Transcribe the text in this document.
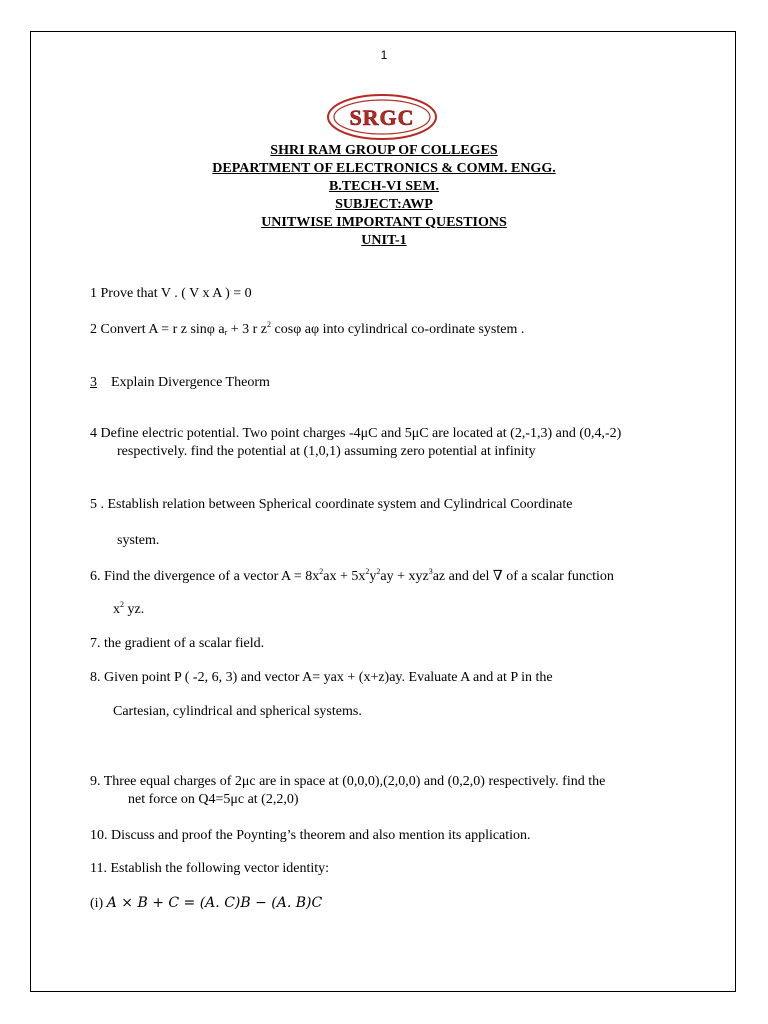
1
SRGC
SHRI RAM GROUP OF COLLEGES
DEPARTMENT OF ELECTRONICS & COMM. ENGG.
B.TECH-VI SEM.
SUBJECT:AWP
UNITWISE IMPORTANT QUESTIONS
UNIT-1
1 Prove that V . ( V x A ) = 0
2 Convert A = r z sinφ $a_r + 3$ r $z^2$ cosφ aφ into cylindrical co-ordinate system .
3    Explain Divergence Theorm
4 Define electric potential. Two point charges -4μC and 5μC are located at (2,-1,3) and (0,4,-2)
respectively. find the potential at (1,0,1) assuming zero potential at infinity
5 . Establish relation between Spherical coordinate system and Cylindrical Coordinate
system.
6. Find the divergence of a vector $A = 8x^2ax + 5x^2y^2ay + xyz^3az$ and del ∇ of a scalar function
$x^2$ yz.
7. the gradient of a scalar field.
8. Given point P ( -2, 6, 3) and vector A= yax + (x+z)ay. Evaluate A and at P in the
Cartesian, cylindrical and spherical systems.
9. Three equal charges of 2μc are in space at (0,0,0),(2,0,0) and (0,2,0) respectively. find the
net force on Q4=5μc at (2,2,0)
10. Discuss and proof the Poynting’s theorem and also mention its application.
11. Establish the following vector identity:
(i) A × B + C = (A. C)B − (A. B)C
